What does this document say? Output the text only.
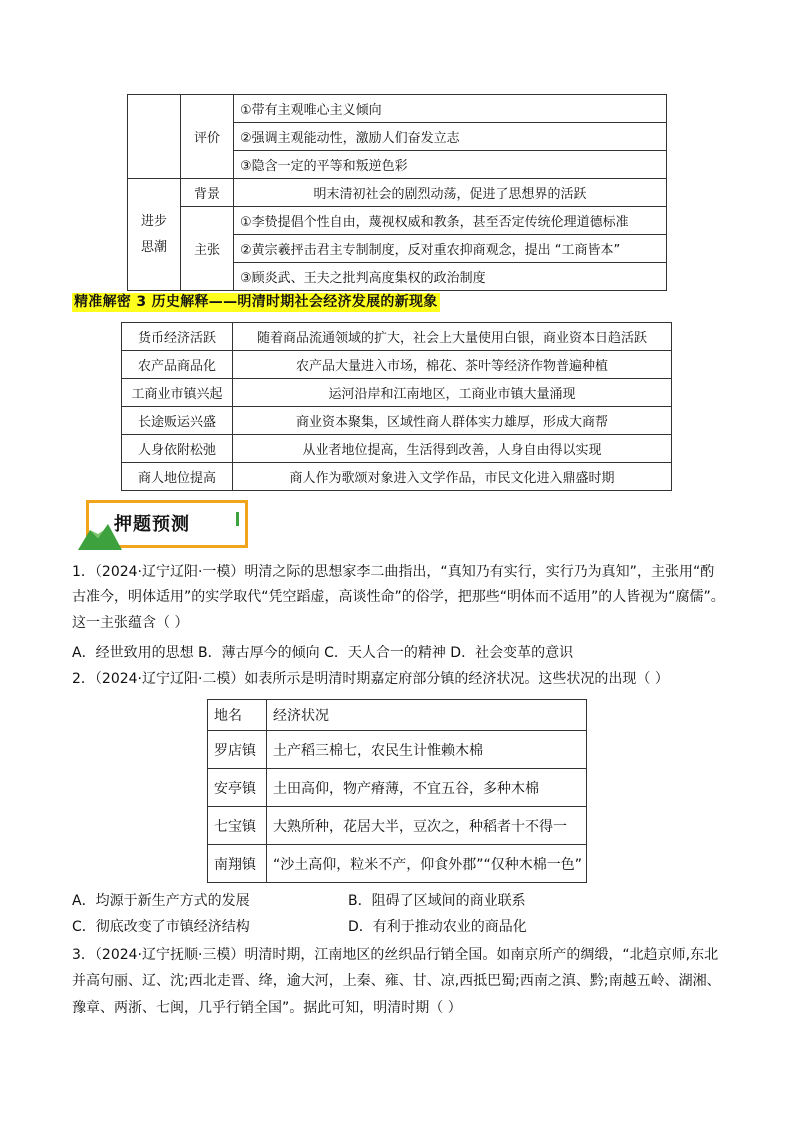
	评价	①带有主观唯心主义倾向
		②强调主观能动性，激励人们奋发立志
		③隐含一定的平等和叛逆色彩
进步
思潮	背景	明末清初社会的剧烈动荡，促进了思想界的活跃
	主张	①李贽提倡个性自由，蔑视权威和教条，甚至否定传统伦理道德标准
		②黄宗羲抨击君主专制制度，反对重农抑商观念，提出 “工商皆本”
		③顾炎武、王夫之批判高度集权的政治制度
精准解密 3 历史解释——明清时期社会经济发展的新现象
货币经济活跃	随着商品流通领域的扩大，社会上大量使用白银，商业资本日趋活跃
农产品商品化	农产品大量进入市场，棉花、茶叶等经济作物普遍种植
工商业市镇兴起	运河沿岸和江南地区，工商业市镇大量涌现
长途贩运兴盛	商业资本聚集，区域性商人群体实力雄厚，形成大商帮
人身依附松弛	从业者地位提高，生活得到改善，人身自由得以实现
商人地位提高	商人作为歌颂对象进入文学作品，市民文化进入鼎盛时期
押题预测
1．（2024·辽宁辽阳·一模）明清之际的思想家李二曲指出，“真知乃有实行，实行乃为真知”，主张用“酌
古准今，明体适用”的实学取代“凭空蹈虚，高谈性命”的俗学，把那些“明体而不适用”的人皆视为“腐儒”。
这一主张蕴含（ ）
A．经世致用的思想 B．薄古厚今的倾向 C．天人合一的精神 D．社会变革的意识
2．（2024·辽宁辽阳·二模）如表所示是明清时期嘉定府部分镇的经济状况。这些状况的出现（ ）
地名	经济状况
罗店镇	土产稻三棉七，农民生计惟赖木棉
安亭镇	土田高仰，物产瘠薄，不宜五谷，多种木棉
七宝镇	大熟所种，花居大半，豆次之，种稻者十不得一
南翔镇	“沙土高仰，粒米不产，仰食外郡”“仅种木棉一色”
A．均源于新生产方式的发展	B．阻碍了区域间的商业联系
C．彻底改变了市镇经济结构	D．有利于推动农业的商品化
3．（2024·辽宁抚顺·三模）明清时期，江南地区的丝织品行销全国。如南京所产的绸缎，“北趋京师,东北
并高句丽、辽、沈;西北走晋、绛，逾大河，上秦、雍、甘、凉,西抵巴蜀;西南之滇、黔;南越五岭、湖湘、
豫章、两浙、七闽，几乎行销全国”。据此可知，明清时期（ ）
